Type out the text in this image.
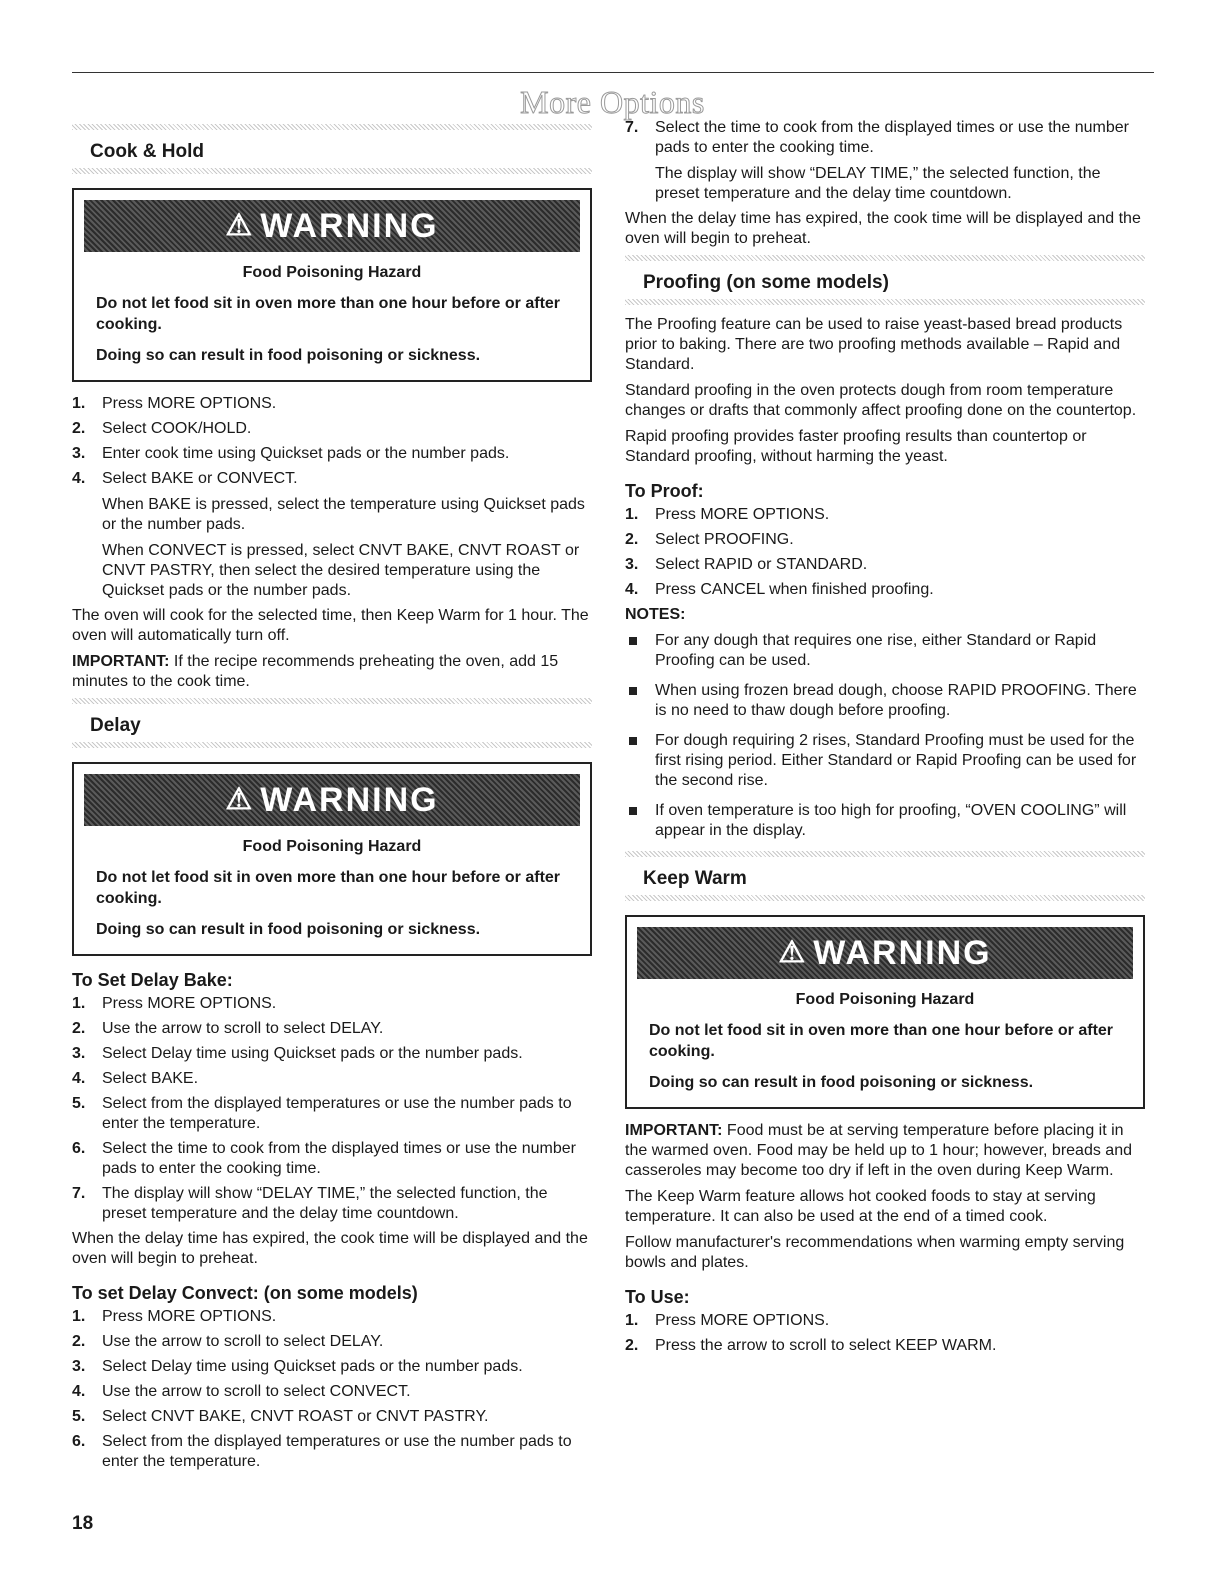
More Options
Cook & Hold
⚠ WARNING
Food Poisoning Hazard

Do not let food sit in oven more than one hour before or after cooking.

Doing so can result in food poisoning or sickness.

1. Press MORE OPTIONS.
2. Select COOK/HOLD.
3. Enter cook time using Quickset pads or the number pads.
4. Select BAKE or CONVECT.
When BAKE is pressed, select the temperature using Quickset pads or the number pads.
When CONVECT is pressed, select CNVT BAKE, CNVT ROAST or CNVT PASTRY, then select the desired temperature using the Quickset pads or the number pads.

The oven will cook for the selected time, then Keep Warm for 1 hour. The oven will automatically turn off.

IMPORTANT: If the recipe recommends preheating the oven, add 15 minutes to the cook time.

Delay
⚠ WARNING
Food Poisoning Hazard

Do not let food sit in oven more than one hour before or after cooking.

Doing so can result in food poisoning or sickness.

To Set Delay Bake:
1. Press MORE OPTIONS.
2. Use the arrow to scroll to select DELAY.
3. Select Delay time using Quickset pads or the number pads.
4. Select BAKE.
5. Select from the displayed temperatures or use the number pads to enter the temperature.
6. Select the time to cook from the displayed times or use the number pads to enter the cooking time.
7. The display will show “DELAY TIME,” the selected function, the preset temperature and the delay time countdown.

When the delay time has expired, the cook time will be displayed and the oven will begin to preheat.

To set Delay Convect: (on some models)
1. Press MORE OPTIONS.
2. Use the arrow to scroll to select DELAY.
3. Select Delay time using Quickset pads or the number pads.
4. Use the arrow to scroll to select CONVECT.
5. Select CNVT BAKE, CNVT ROAST or CNVT PASTRY.
6. Select from the displayed temperatures or use the number pads to enter the temperature.
7. Select the time to cook from the displayed times or use the number pads to enter the cooking time.
The display will show “DELAY TIME,” the selected function, the preset temperature and the delay time countdown.

When the delay time has expired, the cook time will be displayed and the oven will begin to preheat.

Proofing (on some models)

The Proofing feature can be used to raise yeast-based bread products prior to baking. There are two proofing methods available – Rapid and Standard.

Standard proofing in the oven protects dough from room temperature changes or drafts that commonly affect proofing done on the countertop.

Rapid proofing provides faster proofing results than countertop or Standard proofing, without harming the yeast.

To Proof:
1. Press MORE OPTIONS.
2. Select PROOFING.
3. Select RAPID or STANDARD.
4. Press CANCEL when finished proofing.
NOTES:
For any dough that requires one rise, either Standard or Rapid Proofing can be used.
When using frozen bread dough, choose RAPID PROOFING. There is no need to thaw dough before proofing.
For dough requiring 2 rises, Standard Proofing must be used for the first rising period. Either Standard or Rapid Proofing can be used for the second rise.
If oven temperature is too high for proofing, “OVEN COOLING” will appear in the display.
Keep Warm
⚠ WARNING
Food Poisoning Hazard

Do not let food sit in oven more than one hour before or after cooking.

Doing so can result in food poisoning or sickness.

IMPORTANT: Food must be at serving temperature before placing it in the warmed oven. Food may be held up to 1 hour; however, breads and casseroles may become too dry if left in the oven during Keep Warm.

The Keep Warm feature allows hot cooked foods to stay at serving temperature. It can also be used at the end of a timed cook.

Follow manufacturer's recommendations when warming empty serving bowls and plates.

To Use:
1. Press MORE OPTIONS.
2. Press the arrow to scroll to select KEEP WARM.
18
